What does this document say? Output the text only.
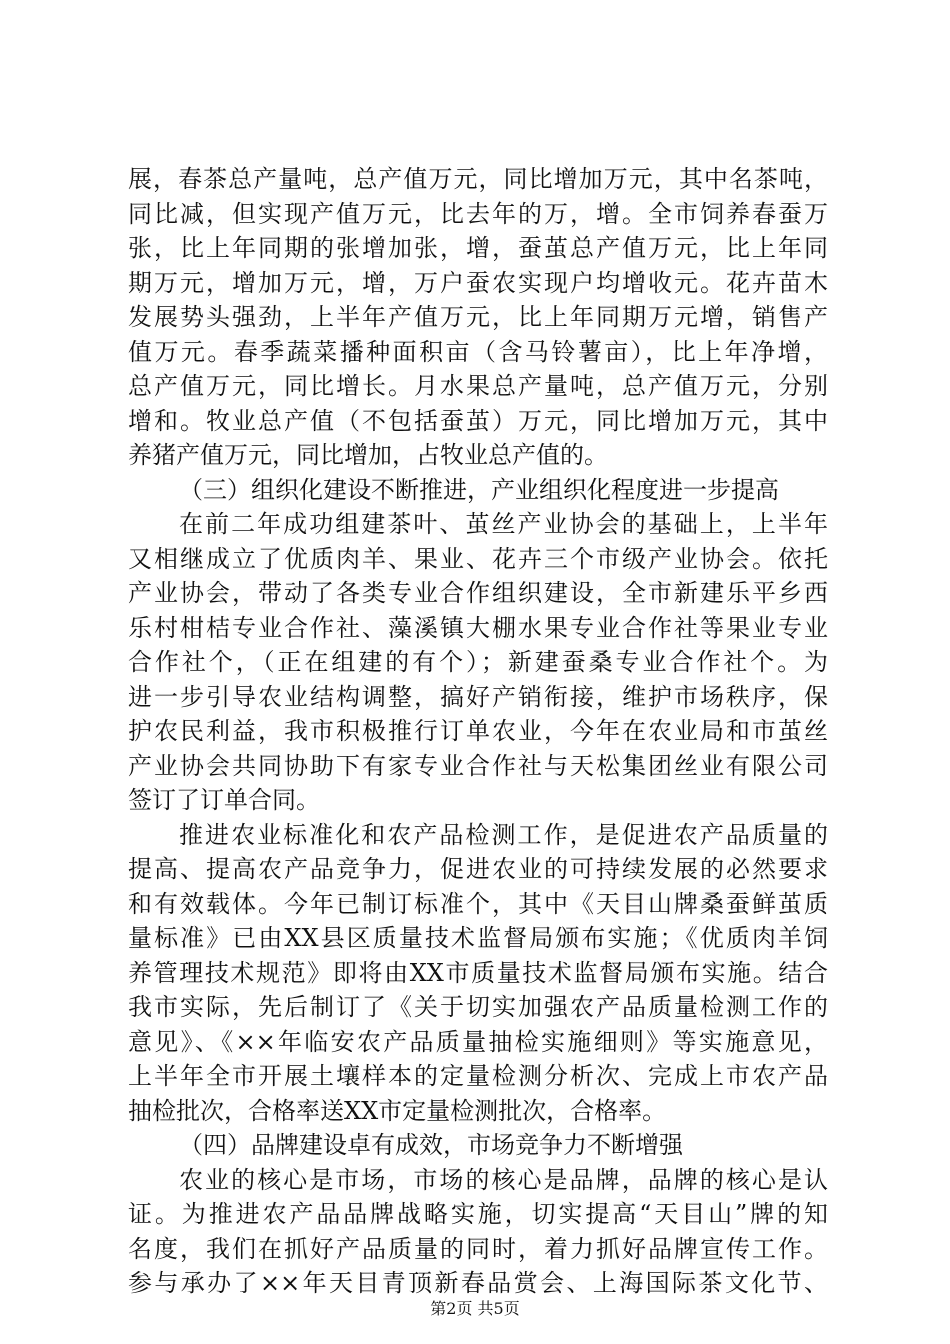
展，春茶总产量吨，总产值万元，同比增加万元，其中名茶吨，
同比减，但实现产值万元，比去年的万，增。全市饲养春蚕万
张，比上年同期的张增加张，增，蚕茧总产值万元，比上年同
期万元，增加万元，增，万户蚕农实现户均增收元。花卉苗木
发展势头强劲，上半年产值万元，比上年同期万元增，销售产
值万元。春季蔬菜播种面积亩（含马铃薯亩），比上年净增，
总产值万元，同比增长。月水果总产量吨，总产值万元，分别
增和。牧业总产值（不包括蚕茧）万元，同比增加万元，其中
养猪产值万元，同比增加，占牧业总产值的。
（三）组织化建设不断推进，产业组织化程度进一步提高
在前二年成功组建茶叶、茧丝产业协会的基础上，上半年
又相继成立了优质肉羊、果业、花卉三个市级产业协会。依托
产业协会，带动了各类专业合作组织建设，全市新建乐平乡西
乐村柑桔专业合作社、藻溪镇大棚水果专业合作社等果业专业
合作社个，（正在组建的有个）；新建蚕桑专业合作社个。为
进一步引导农业结构调整，搞好产销衔接，维护市场秩序，保
护农民利益，我市积极推行订单农业，今年在农业局和市茧丝
产业协会共同协助下有家专业合作社与天松集团丝业有限公司
签订了订单合同。
推进农业标准化和农产品检测工作，是促进农产品质量的
提高、提高农产品竞争力，促进农业的可持续发展的必然要求
和有效载体。今年已制订标准个，其中《天目山牌桑蚕鲜茧质
量标准》已由XX县区质量技术监督局颁布实施；《优质肉羊饲
养管理技术规范》即将由XX市质量技术监督局颁布实施。结合
我市实际，先后制订了《关于切实加强农产品质量检测工作的
意见》、《××年临安农产品质量抽检实施细则》等实施意见，
上半年全市开展土壤样本的定量检测分析次、完成上市农产品
抽检批次，合格率送XX市定量检测批次，合格率。
（四）品牌建设卓有成效，市场竞争力不断增强
农业的核心是市场，市场的核心是品牌，品牌的核心是认
证。为推进农产品品牌战略实施，切实提高“天目山”牌的知
名度，我们在抓好产品质量的同时，着力抓好品牌宣传工作。
参与承办了××年天目青顶新春品赏会、上海国际茶文化节、
第2页 共5页
